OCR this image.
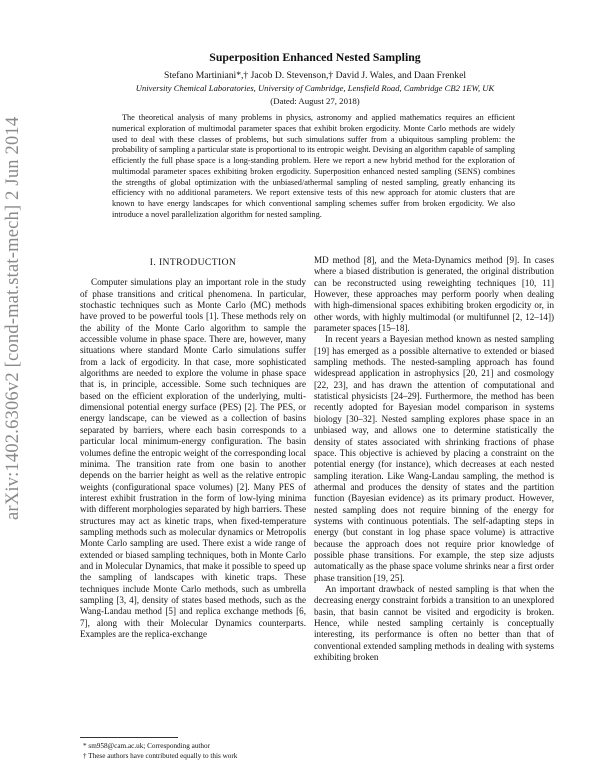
arXiv:1402.6306v2 [cond-mat.stat-mech] 2 Jun 2014
Superposition Enhanced Nested Sampling
Stefano Martiniani*,† Jacob D. Stevenson,† David J. Wales, and Daan Frenkel
University Chemical Laboratories, University of Cambridge, Lensfield Road, Cambridge CB2 1EW, UK
(Dated: August 27, 2018)

The theoretical analysis of many problems in physics, astronomy and applied mathematics requires an efficient numerical exploration of multimodal parameter spaces that exhibit broken ergodicity. Monte Carlo methods are widely used to deal with these classes of problems, but such simulations suffer from a ubiquitous sampling problem: the probability of sampling a particular state is proportional to its entropic weight. Devising an algorithm capable of sampling efficiently the full phase space is a long-standing problem. Here we report a new hybrid method for the exploration of multimodal parameter spaces exhibiting broken ergodicity. Superposition enhanced nested sampling (SENS) combines the strengths of global optimization with the unbiased/athermal sampling of nested sampling, greatly enhancing its efficiency with no additional parameters. We report extensive tests of this new approach for atomic clusters that are known to have energy landscapes for which conventional sampling schemes suffer from broken ergodicity. We also introduce a novel parallelization algorithm for nested sampling.

I. INTRODUCTION

Computer simulations play an important role in the study of phase transitions and critical phenomena. In particular, stochastic techniques such as Monte Carlo (MC) methods have proved to be powerful tools [1]. These methods rely on the ability of the Monte Carlo algorithm to sample the accessible volume in phase space. There are, however, many situations where standard Monte Carlo simulations suffer from a lack of ergodicity. In that case, more sophisticated algorithms are needed to explore the volume in phase space that is, in principle, accessible. Some such techniques are based on the efficient exploration of the underlying, multi-dimensional potential energy surface (PES) [2]. The PES, or energy landscape, can be viewed as a collection of basins separated by barriers, where each basin corresponds to a particular local minimum-energy configuration. The basin volumes define the entropic weight of the corresponding local minima. The transition rate from one basin to another depends on the barrier height as well as the relative entropic weights (configurational space volumes) [2]. Many PES of interest exhibit frustration in the form of low-lying minima with different morphologies separated by high barriers. These structures may act as kinetic traps, when fixed-temperature sampling methods such as molecular dynamics or Metropolis Monte Carlo sampling are used. There exist a wide range of extended or biased sampling techniques, both in Monte Carlo and in Molecular Dynamics, that make it possible to speed up the sampling of landscapes with kinetic traps. These techniques include Monte Carlo methods, such as umbrella sampling [3, 4], density of states based methods, such as the Wang-Landau method [5] and replica exchange methods [6, 7], along with their Molecular Dynamics counterparts. Examples are the replica-exchange

MD method [8], and the Meta-Dynamics method [9]. In cases where a biased distribution is generated, the original distribution can be reconstructed using reweighting techniques [10, 11] However, these approaches may perform poorly when dealing with high-dimensional spaces exhibiting broken ergodicity or, in other words, with highly multimodal (or multifunnel [2, 12–14]) parameter spaces [15–18].

In recent years a Bayesian method known as nested sampling [19] has emerged as a possible alternative to extended or biased sampling methods. The nested-sampling approach has found widespread application in astrophysics [20, 21] and cosmology [22, 23], and has drawn the attention of computational and statistical physicists [24–29]. Furthermore, the method has been recently adopted for Bayesian model comparison in systems biology [30–32]. Nested sampling explores phase space in an unbiased way, and allows one to determine statistically the density of states associated with shrinking fractions of phase space. This objective is achieved by placing a constraint on the potential energy (for instance), which decreases at each nested sampling iteration. Like Wang-Landau sampling, the method is athermal and produces the density of states and the partition function (Bayesian evidence) as its primary product. However, nested sampling does not require binning of the energy for systems with continuous potentials. The self-adapting steps in energy (but constant in log phase space volume) is attractive because the approach does not require prior knowledge of possible phase transitions. For example, the step size adjusts automatically as the phase space volume shrinks near a first order phase transition [19, 25].

An important drawback of nested sampling is that when the decreasing energy constraint forbids a transition to an unexplored basin, that basin cannot be visited and ergodicity is broken. Hence, while nested sampling certainly is conceptually interesting, its performance is often no better than that of conventional extended sampling methods in dealing with systems exhibiting broken

* sm958@cam.ac.uk; Corresponding author
† These authors have contributed equally to this work
